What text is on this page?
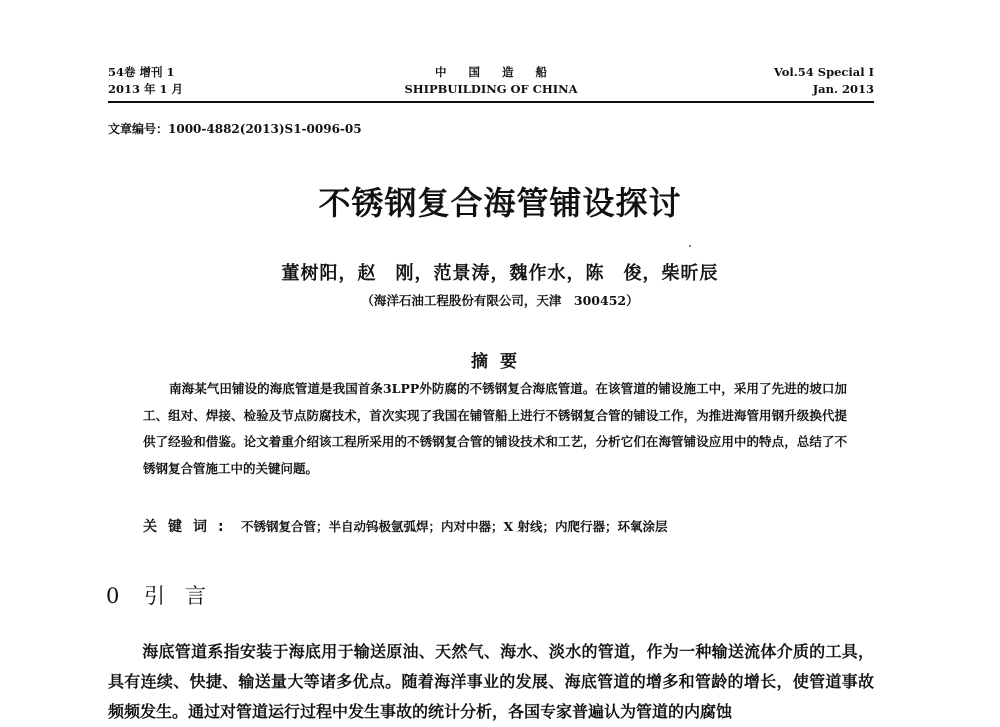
54卷 增刊 1
2013 年 1 月
中国造船
SHIPBUILDING OF CHINA
Vol.54 Special I
Jan. 2013
文章编号：1000-4882(2013)S1-0096-05
不锈钢复合海管铺设探讨
董树阳，赵　刚，范景涛，魏作水，陈　俊，柴昕辰
（海洋石油工程股份有限公司，天津　300452）
摘要
南海某气田铺设的海底管道是我国首条3LPP外防腐的不锈钢复合海底管道。在该管道的铺设施工中，采用了先进的坡口加工、组对、焊接、检验及节点防腐技术，首次实现了我国在铺管船上进行不锈钢复合管的铺设工作，为推进海管用钢升级换代提供了经验和借鉴。论文着重介绍该工程所采用的不锈钢复合管的铺设技术和工艺，分析它们在海管铺设应用中的特点，总结了不锈钢复合管施工中的关键问题。
关键词: 不锈钢复合管；半自动钨极氩弧焊；内对中器；X 射线；内爬行器；环氧涂层
0 引言
海底管道系指安装于海底用于输送原油、天然气、海水、淡水的管道，作为一种输送流体介质的工具，具有连续、快捷、输送量大等诸多优点。随着海洋事业的发展、海底管道的增多和管龄的增长，使管道事故频频发生。通过对管道运行过程中发生事故的统计分析，各国专家普遍认为管道的内腐蚀
